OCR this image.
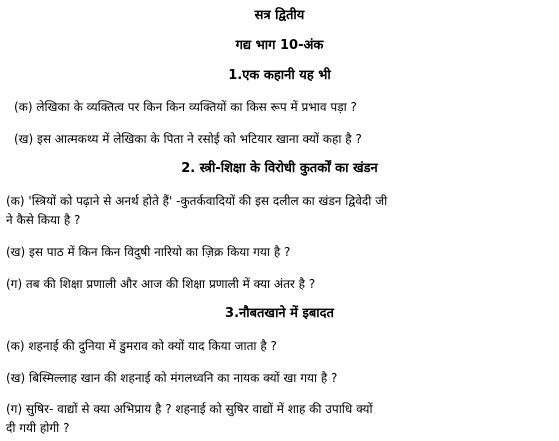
सत्र द्वितीय
गद्य भाग 10-अंक
1.एक कहानी यह भी
(क) लेखिका के व्यक्तित्व पर किन किन व्यक्तियों का किस रूप में प्रभाव पड़ा ?
(ख) इस आत्मकथ्य में लेखिका के पिता ने रसोई को भटियार खाना क्यों कहा है ?
2. स्त्री-शिक्षा के विरोधी कुतर्कों का खंडन
(क) 'स्त्रियों को पढ़ाने से अनर्थ होते हैं' -कुतर्कवादियों की इस दलील का खंडन द्विवेदी जी
ने कैसे किया है ?
(ख) इस पाठ में किन किन विदुषी नारियो का ज़िक्र किया गया है ?
(ग) तब की शिक्षा प्रणाली और आज की शिक्षा प्रणाली में क्या अंतर है ?
3.नौबतखाने में इबादत
(क) शहनाई की दुनिया में डुमराव को क्यों याद किया जाता है ?
(ख) बिस्मिल्लाह खान की शहनाई को मंगलध्वनि का नायक क्यों खा गया है ?
(ग) सुषिर- वाद्यों से क्या अभिप्राय है ? शहनाई को सुषिर वाद्यों में शाह की उपाधि क्यों
दी गयी होगी ?
